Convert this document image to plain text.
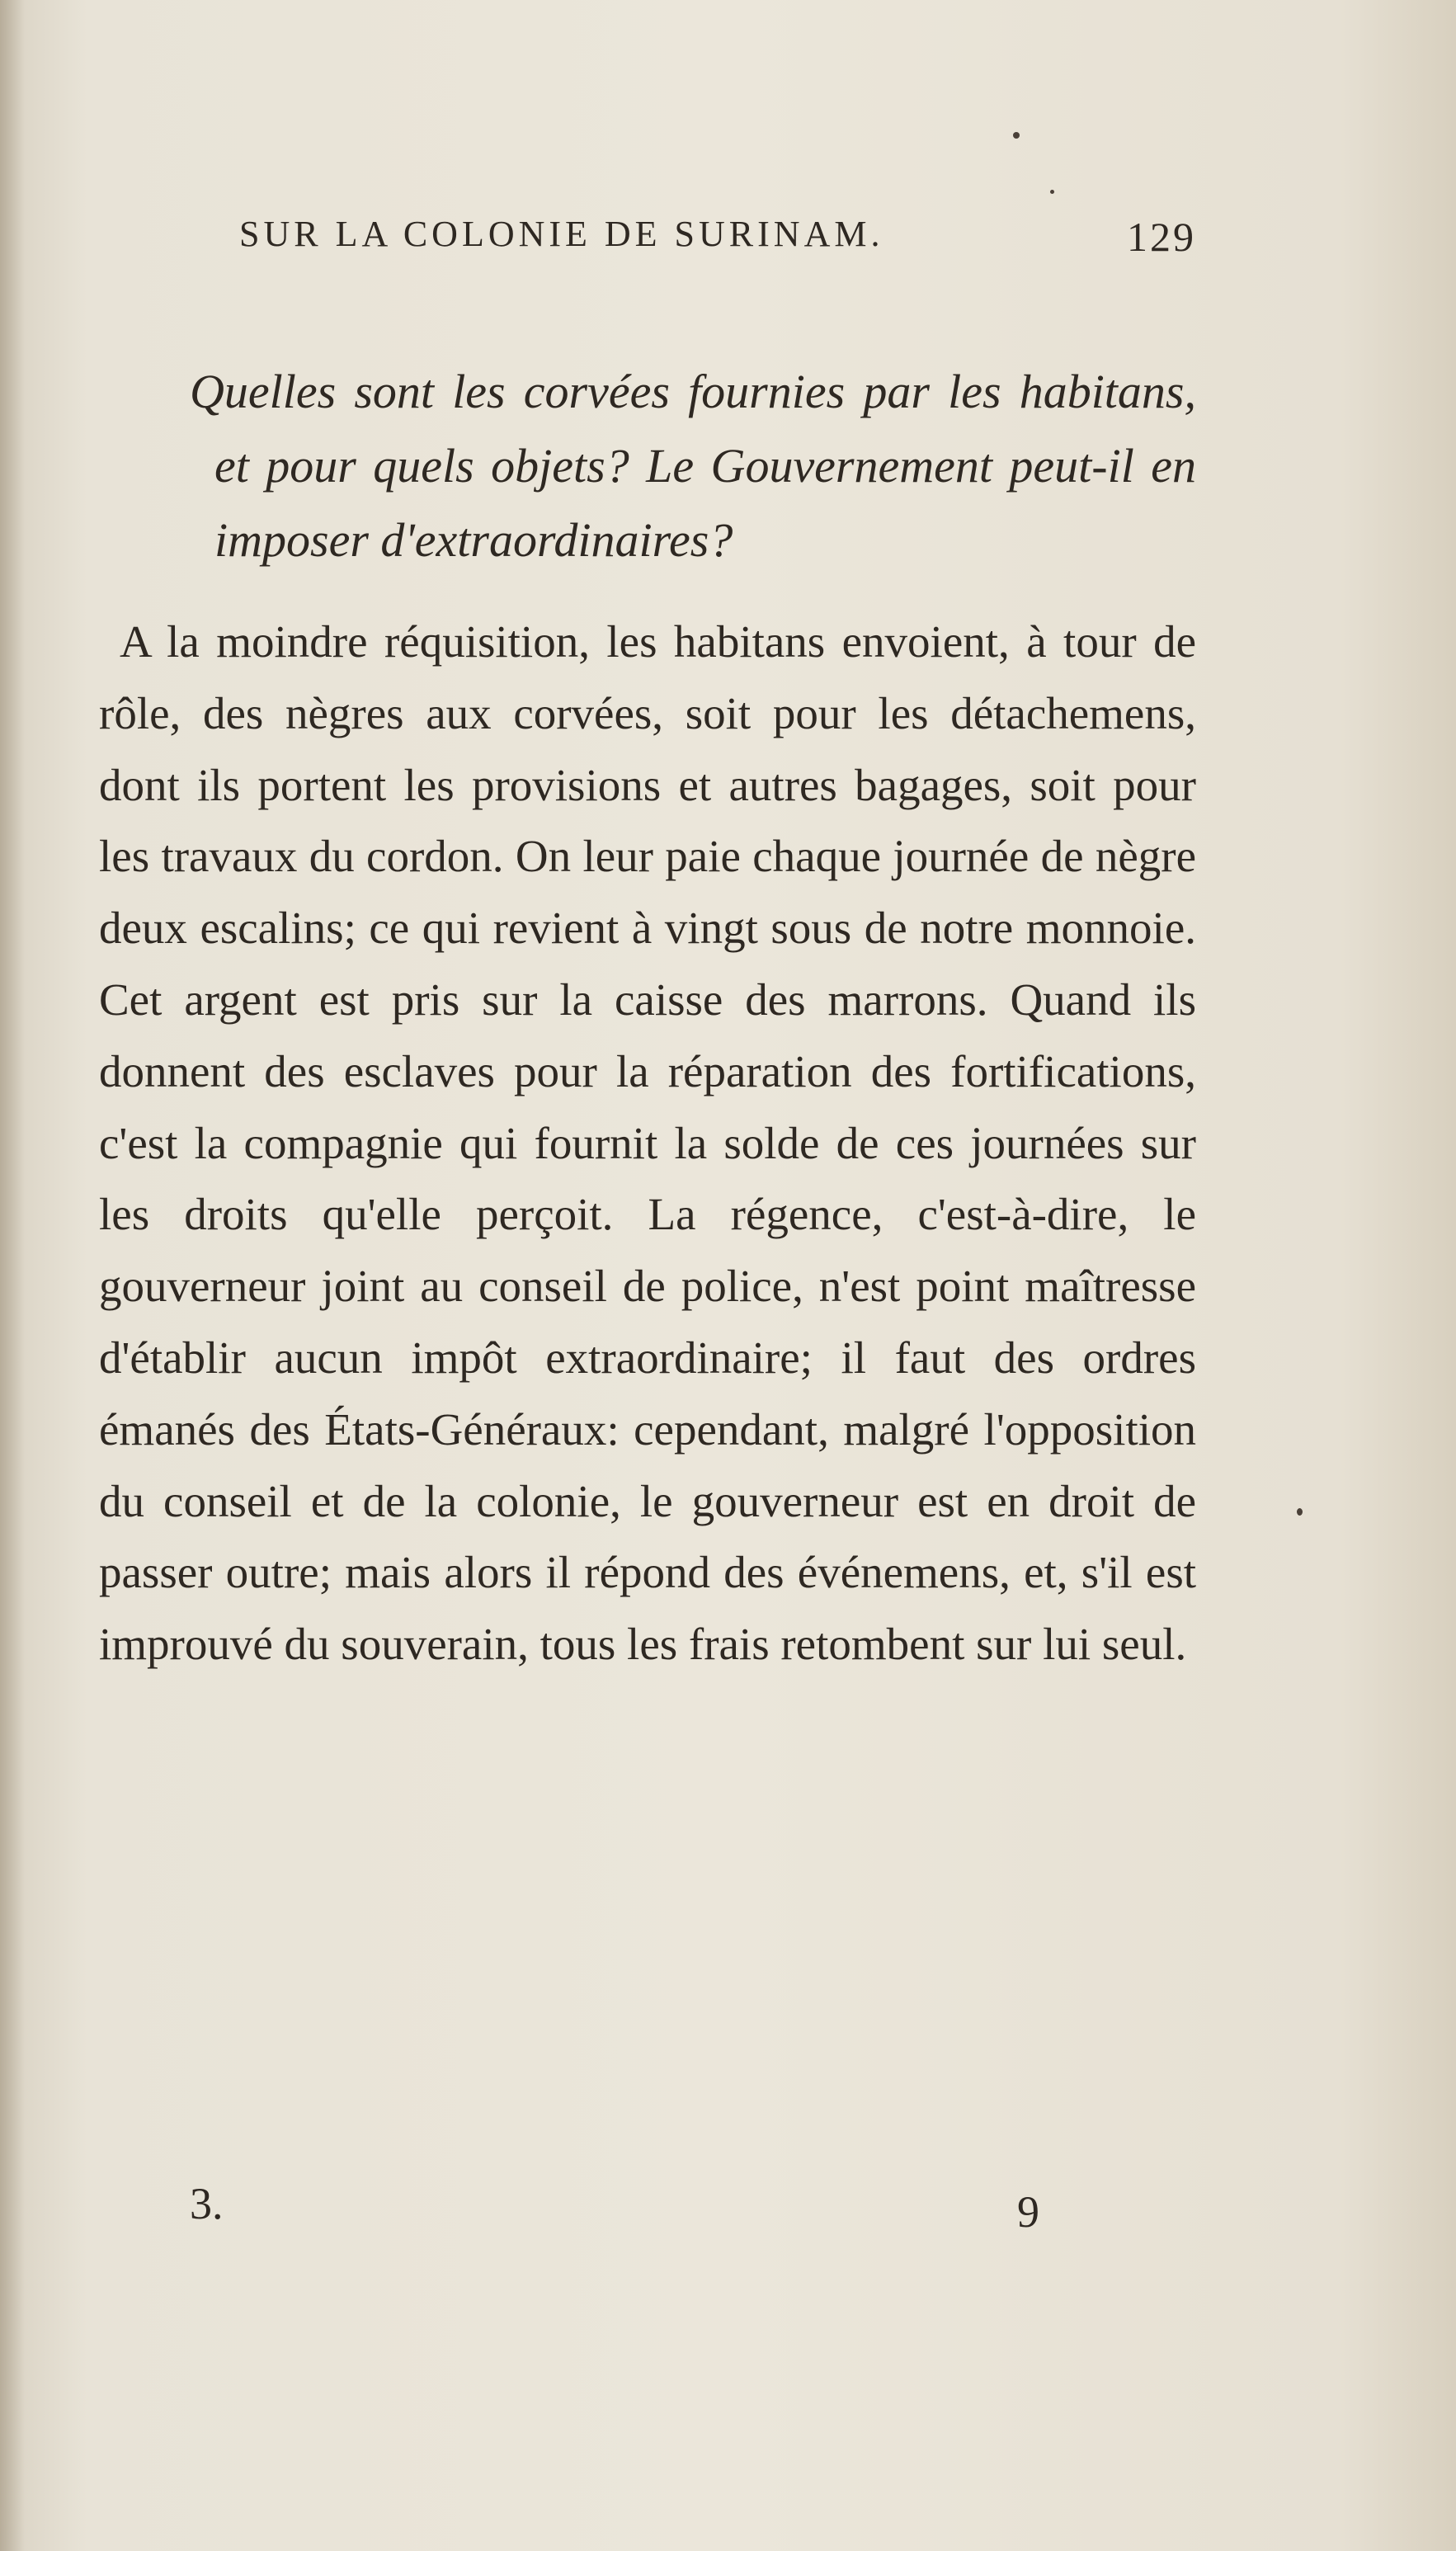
SUR LA COLONIE DE SURINAM.	129

Quelles sont les corvées fournies par les habitans, et pour quels objets? Le Gouvernement peut-il en imposer d'extraordinaires?

A la moindre réquisition, les habitans envoient, à tour de rôle, des nègres aux corvées, soit pour les détachemens, dont ils portent les provisions et autres bagages, soit pour les travaux du cordon. On leur paie chaque journée de nègre deux escalins; ce qui revient à vingt sous de notre monnoie. Cet argent est pris sur la caisse des marrons. Quand ils donnent des esclaves pour la réparation des fortifications, c'est la compagnie qui fournit la solde de ces journées sur les droits qu'elle perçoit. La régence, c'est-à-dire, le gouverneur joint au conseil de police, n'est point maîtresse d'établir aucun impôt extraordinaire; il faut des ordres émanés des États-Généraux: cependant, malgré l'opposition du conseil et de la colonie, le gouverneur est en droit de passer outre; mais alors il répond des événemens, et, s'il est improuvé du souverain, tous les frais retombent sur lui seul.

3.	9
